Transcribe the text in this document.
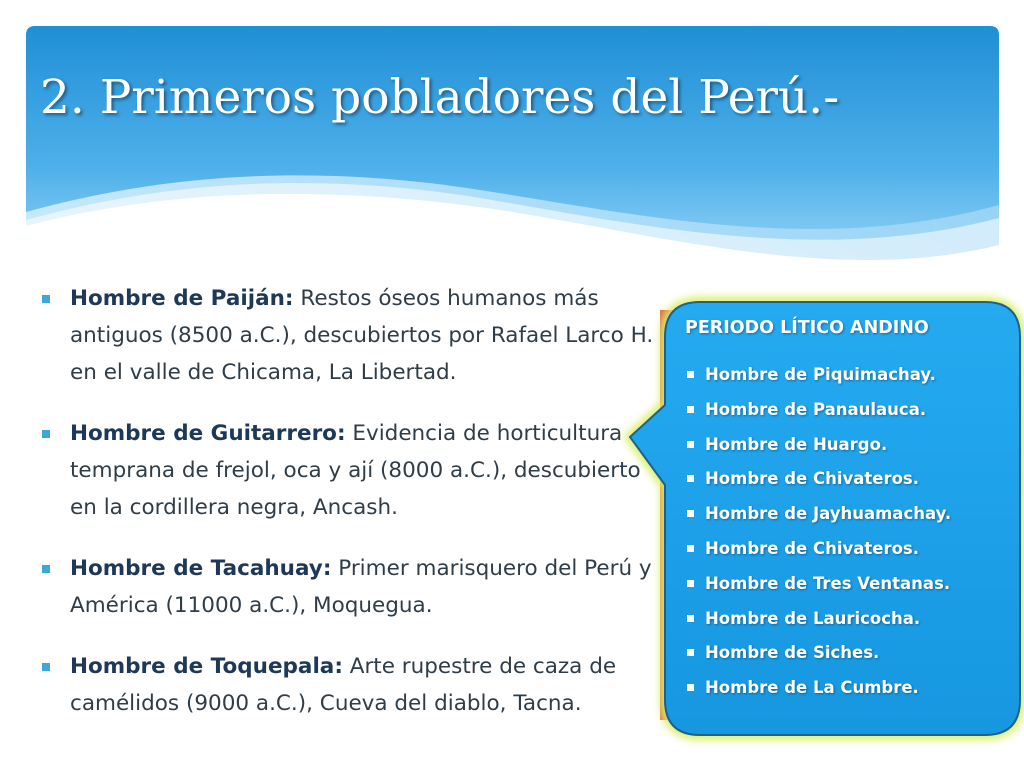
2. Primeros pobladores del Perú.-
Hombre de Paiján: Restos óseos humanos más antiguos (8500 a.C.), descubiertos por Rafael Larco H. en el valle de Chicama, La Libertad.
Hombre de Guitarrero: Evidencia de horticultura temprana de frejol, oca y ají (8000 a.C.), descubierto en la cordillera negra, Ancash.
Hombre de Tacahuay: Primer marisquero del Perú y América (11000 a.C.), Moquegua.
Hombre de Toquepala: Arte rupestre de caza de camélidos (9000 a.C.), Cueva del diablo, Tacna.

PERIODO LÍTICO ANDINO

Hombre de Piquimachay.
Hombre de Panaulauca.
Hombre de Huargo.
Hombre de Chivateros.
Hombre de Jayhuamachay.
Hombre de Chivateros.
Hombre de Tres Ventanas.
Hombre de Lauricocha.
Hombre de Siches.
Hombre de La Cumbre.
